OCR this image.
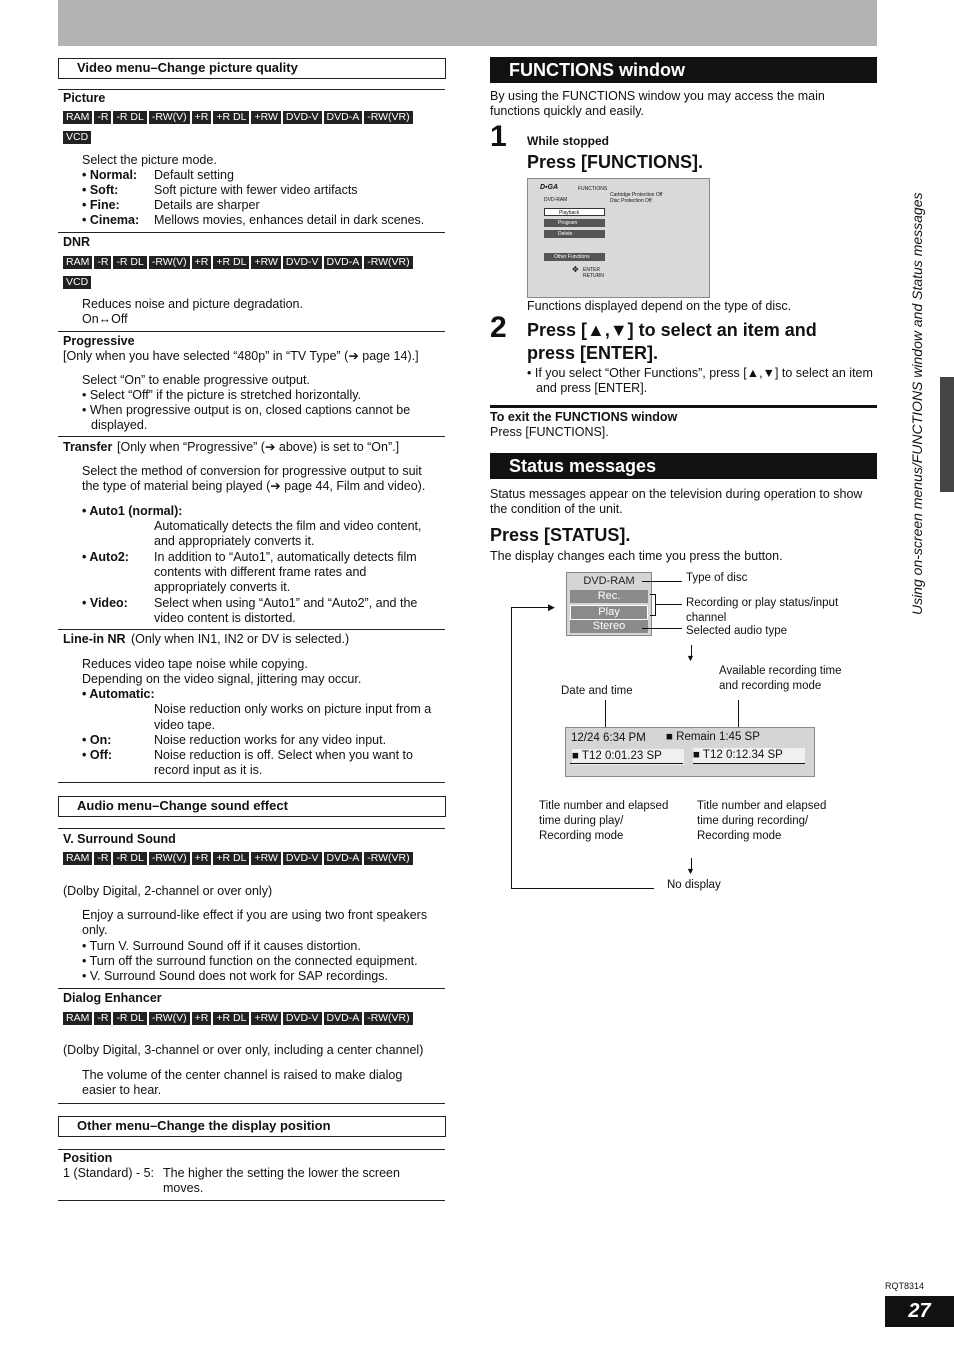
Video menu–Change picture quality
Picture
RAM -R -R DL -RW(V) +R +R DL +RW DVD-V DVD-A -RW(VR)VCD
Select the picture mode.
• Normal: Default setting
• Soft:	Soft picture with fewer video artifacts
• Fine:	Details are sharper
• Cinema: Mellows movies, enhances detail in dark scenes.
DNR
RAM -R -R DL -RW(V) +R +R DL +RW DVD-V DVD-A -RW(VR)VCD
Reduces noise and picture degradation.
On↔Off
Progressive
[Only when you have selected “480p” in “TV Type” (➔ page 14).]
Select “On” to enable progressive output.
• Select “Off” if the picture is stretched horizontally.
• When progressive output is on, closed captions cannot be
displayed.
Transfer [Only when “Progressive” (➔ above) is set to “On”.]
Select the method of conversion for progressive output to suit
the type of material being played (➔ page 44, Film and video).
• Auto1 (normal):
Automatically detects the film and video content,
and appropriately converts it.
• Auto2: In addition to “Auto1”, automatically detects film
contents with different frame rates and
appropriately converts it.
• Video: Select when using “Auto1” and “Auto2”, and the
video content is distorted.
Line-in NR (Only when IN1, IN2 or DV is selected.)
Reduces video tape noise while copying.
Depending on the video signal, jittering may occur.
• Automatic:
Noise reduction only works on picture input from a
video tape.
• On:	Noise reduction works for any video input.
• Off:	Noise reduction is off. Select when you want to
record input as it is.
Audio menu–Change sound effect
V. Surround Sound
RAM -R -R DL -RW(V) +R +R DL +RW DVD-V DVD-A -RW(VR)
(Dolby Digital, 2-channel or over only)
Enjoy a surround-like effect if you are using two front speakers
only.
• Turn V. Surround Sound off if it causes distortion.
• Turn off the surround function on the connected equipment.
• V. Surround Sound does not work for SAP recordings.
Dialog Enhancer
RAM -R -R DL -RW(V) +R +R DL +RW DVD-V DVD-A -RW(VR)
(Dolby Digital, 3-channel or over only, including a center channel)
The volume of the center channel is raised to make dialog
easier to hear.
Other menu–Change the display position
Position
1 (Standard) - 5: The higher the setting the lower the screen
moves.
FUNCTIONS window
By using the FUNCTIONS window you may access the main
functions quickly and easily.
1 While stopped
Press [FUNCTIONS].
D▪GA	FUNCTIONS
DVD-RAM
Cartridge Protection Off
Disc Protection Off
Playback
Program
Delete
Other Functions
✥ ENTER
RETURN
Functions displayed depend on the type of disc.
2 Press [▲,▼] to select an item and
press [ENTER].
• If you select “Other Functions”, press [▲,▼] to select an item
and press [ENTER].
To exit the FUNCTIONS window
Press [FUNCTIONS].
Status messages
Status messages appear on the television during operation to show
the condition of the unit.
Press [STATUS].
The display changes each time you press the button.
DVD-RAM
Rec.
Play
Stereo
Type of disc
Recording or play status/input
channel
Selected audio type
▼
Available recording time
and recording mode
Date and time
12/24 6:34 PM ■ Remain 1:45 SP
■ T12 0:01.23 SP	■ T12 0:12.34 SP
Title number and elapsed
time during play/
Recording mode
Title number and elapsed
time during recording/
Recording mode
▼
No display
▶	Using on-screen menus/FUNCTIONS window and Status messages
RQT8314
27
